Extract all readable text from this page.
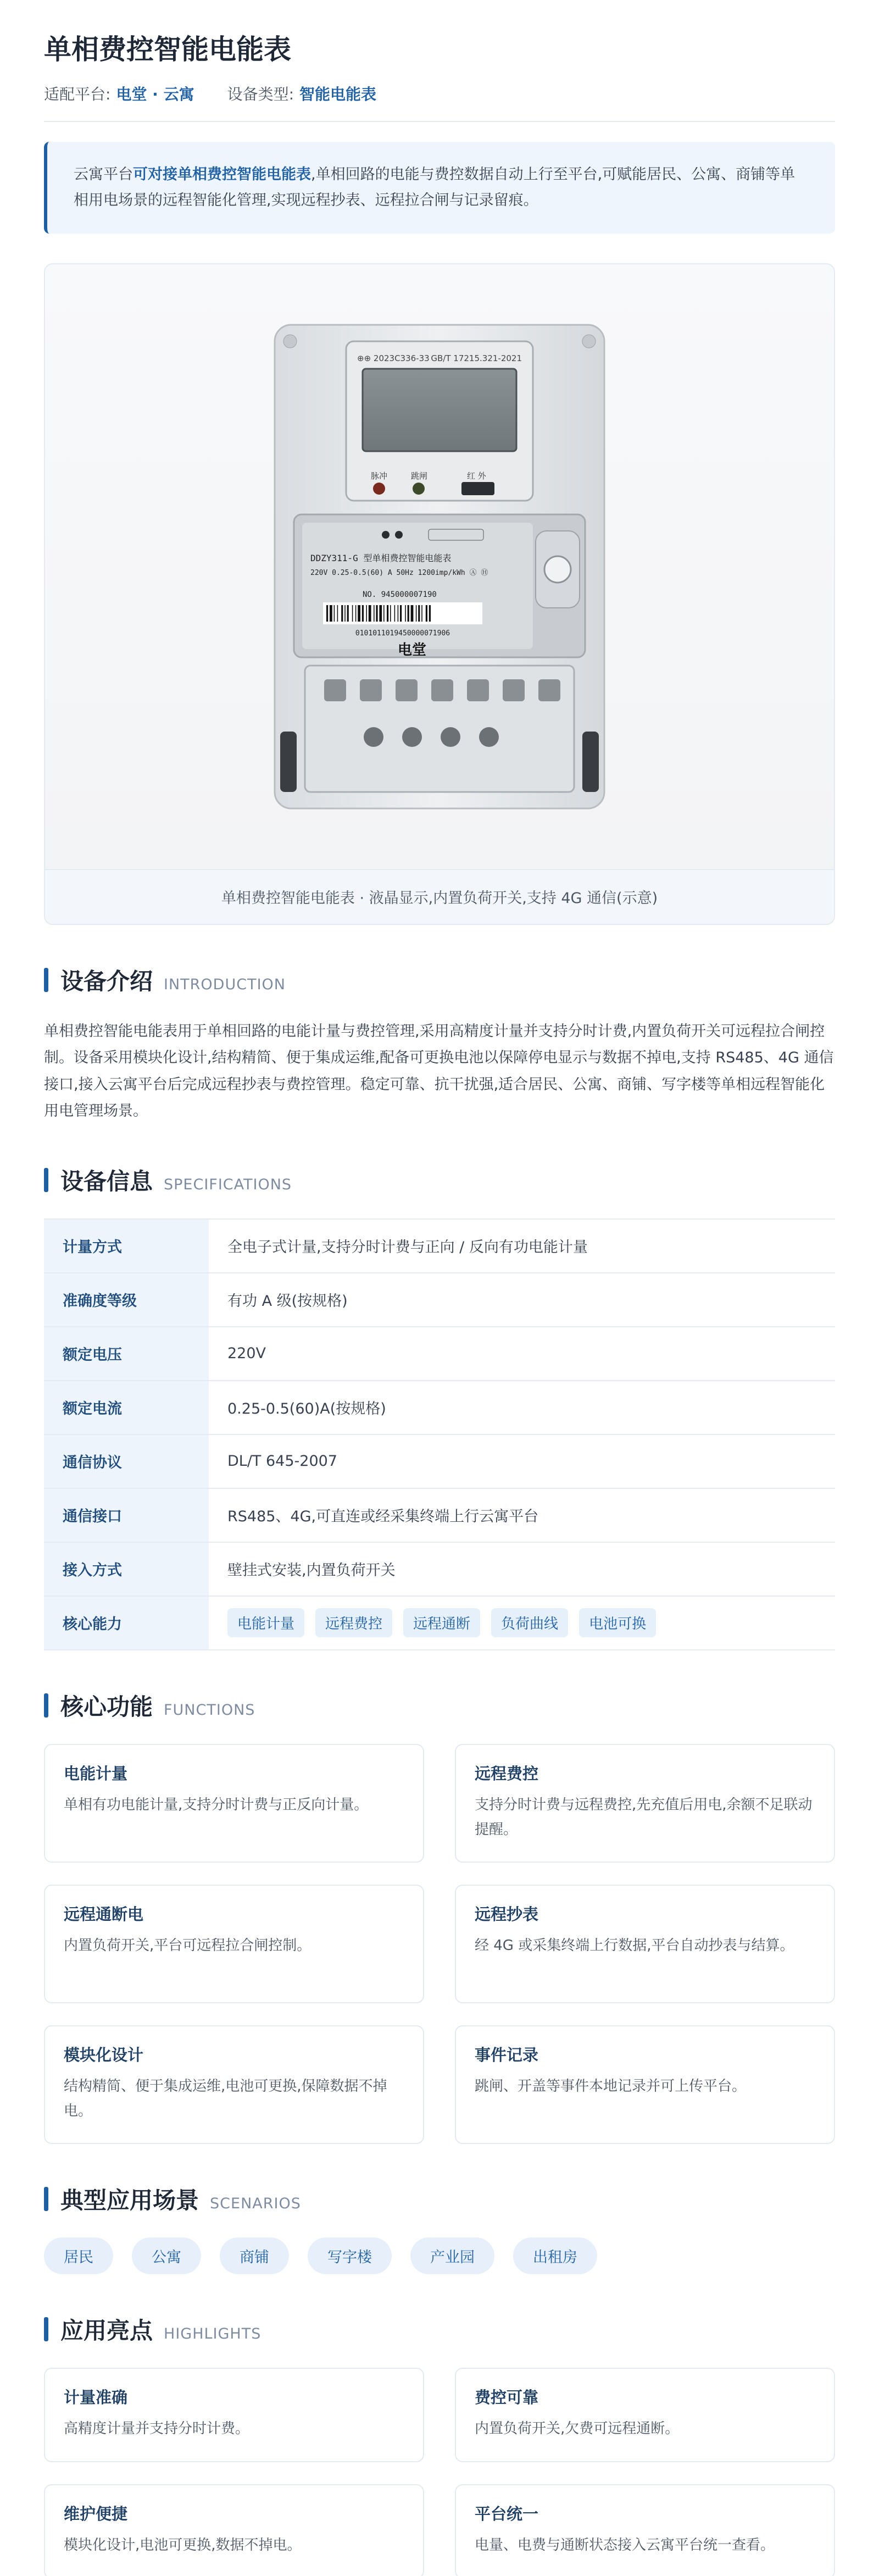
单相费控智能电能表
适配平台: 电堂 · 云寓 设备类型: 智能电能表
云寓平台可对接单相费控智能电能表,单相回路的电能与费控数据自动上行至平台,可赋能居民、公寓、商铺等单相用电场景的远程智能化管理,实现远程抄表、远程拉合闸与记录留痕。
⊕⊕ 2023C336-33 GB/T 17215.321-2021
脉冲	跳闸	红 外
DDZY311-G 型单相费控智能电能表
220V 0.25-0.5(60) A 50Hz 1200imp/kWh Ⓐ Ⓗ
NO. 945000007190
0101011019450000071906
电堂
单相费控智能电能表 · 液晶显示,内置负荷开关,支持 4G 通信(示意)
设备介绍 INTRODUCTION

单相费控智能电能表用于单相回路的电能计量与费控管理,采用高精度计量并支持分时计费,内置负荷开关可远程拉合闸控制。设备采用模块化设计,结构精简、便于集成运维,配备可更换电池以保障停电显示与数据不掉电,支持 RS485、4G 通信接口,接入云寓平台后完成远程抄表与费控管理。稳定可靠、抗干扰强,适合居民、公寓、商铺、写字楼等单相远程智能化用电管理场景。

设备信息 SPECIFICATIONS
计量方式	全电子式计量,支持分时计费与正向 / 反向有功电能计量
准确度等级	有功 A 级(按规格)
额定电压	220V
额定电流	0.25-0.5(60)A(按规格)
通信协议	DL/T 645-2007
通信接口	RS485、4G,可直连或经采集终端上行云寓平台
接入方式	壁挂式安装,内置负荷开关
核心能力	电能计量	远程费控	远程通断	负荷曲线	电池可换
核心功能 FUNCTIONS
电能计量
单相有功电能计量,支持分时计费与正反向计量。
远程费控
支持分时计费与远程费控,先充值后用电,余额不足联动提醒。
远程通断电
内置负荷开关,平台可远程拉合闸控制。
远程抄表
经 4G 或采集终端上行数据,平台自动抄表与结算。
模块化设计
结构精简、便于集成运维,电池可更换,保障数据不掉电。
事件记录
跳闸、开盖等事件本地记录并可上传平台。
典型应用场景 SCENARIOS
居民	公寓	商铺	写字楼	产业园	出租房
应用亮点 HIGHLIGHTS
计量准确
高精度计量并支持分时计费。
费控可靠
内置负荷开关,欠费可远程通断。
维护便捷
模块化设计,电池可更换,数据不掉电。
平台统一
电量、电费与通断状态接入云寓平台统一查看。
